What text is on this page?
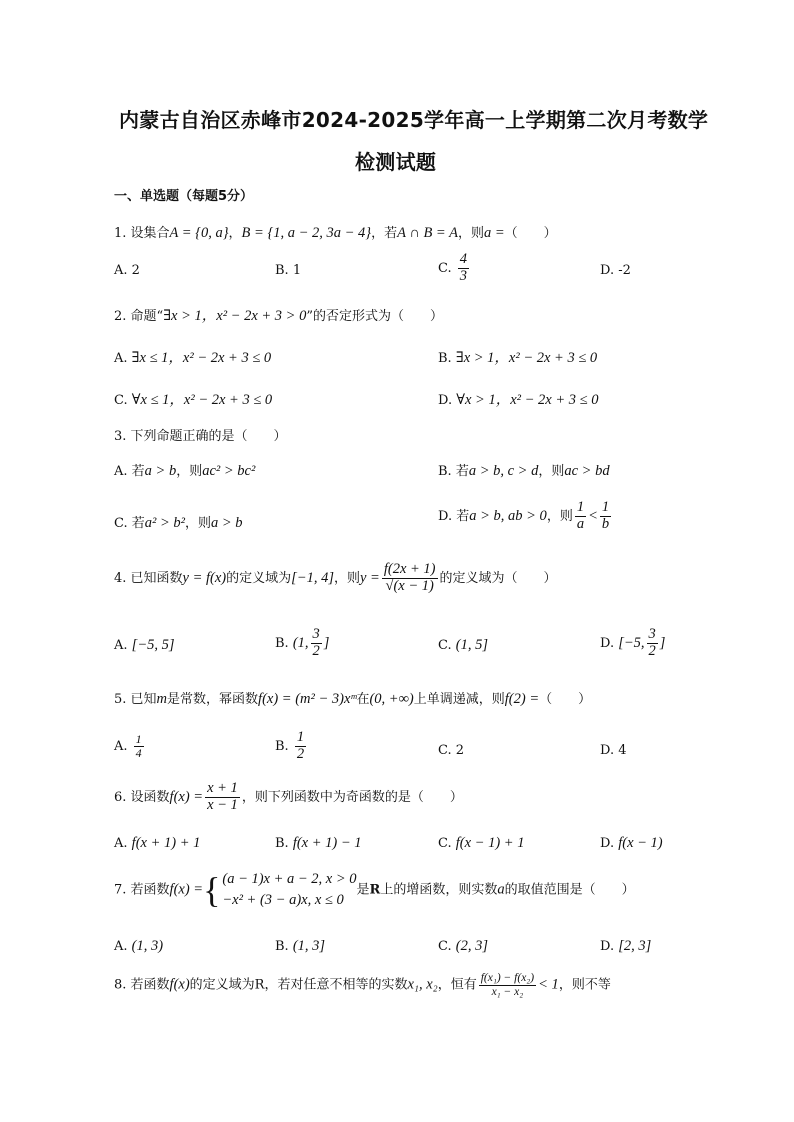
内蒙古自治区赤峰市2024-2025学年高一上学期第二次月考数学
检测试题
一、单选题（每题5分）
1. 设集合A = {0, a}，B = {1, a − 2, 3a − 4}，若A ∩ B = A，则a =（　　）
A. 2	B. 1	C. $\frac{4}{3}$	D. -2
2. 命题“∃x > 1，x² − 2x + 3 > 0”的否定形式为（　　）
A. ∃x ≤ 1，x² − 2x + 3 ≤ 0	B. ∃x > 1，x² − 2x + 3 ≤ 0
C. ∀x ≤ 1，x² − 2x + 3 ≤ 0	D. ∀x > 1，x² − 2x + 3 ≤ 0
3. 下列命题正确的是（　　）
A. 若a > b，则ac² > bc²	B. 若a > b, c > d，则ac > bd
C. 若a² > b²，则a > b	D. 若a > b, ab > 0，则 $\frac{1}{a} < \frac{1}{b}$
4. 已知函数y = f(x)的定义域为[−1, 4]，则$y = \frac{f(2x + 1)}{√(x - 1)}$ 的定义域为（　　）
A. [−5, 5]	B. (1, $\frac{3}{2}$ ]	C. (1, 5]	D. [−5, $\frac{3}{2}$ ]
5. 已知m是常数，幂函数f(x) = (m² − 3)xᵐ在(0, +∞)上单调递减，则f(2) =（　　）
A. $\frac{1}{4}$	B. $\frac{1}{2}$	C. 2	D. 4
6. 设函数$f(x) = \frac{x + 1}{x - 1}$ ，则下列函数中为奇函数的是（　　）
A. f(x + 1) + 1	B. f(x + 1) − 1	C. f(x − 1) + 1	D. f(x − 1)
7. 若函数f(x) ={ (a − 1)x + a − 2, x > 0
−x² + (3 − a)x, x ≤ 0
是R上的增函数，则实数a的取值范围是（　　）
A. (1, 3)	B. (1, 3]	C. (2, 3]	D. [2, 3]
8. 若函数f(x)的定义域为R，若对任意不相等的实数x₁, x₂，恒有 $\frac{\text{f(x₁) − f(x₂)}}{\text{x₁ − x₂}} < 1$，则不等
